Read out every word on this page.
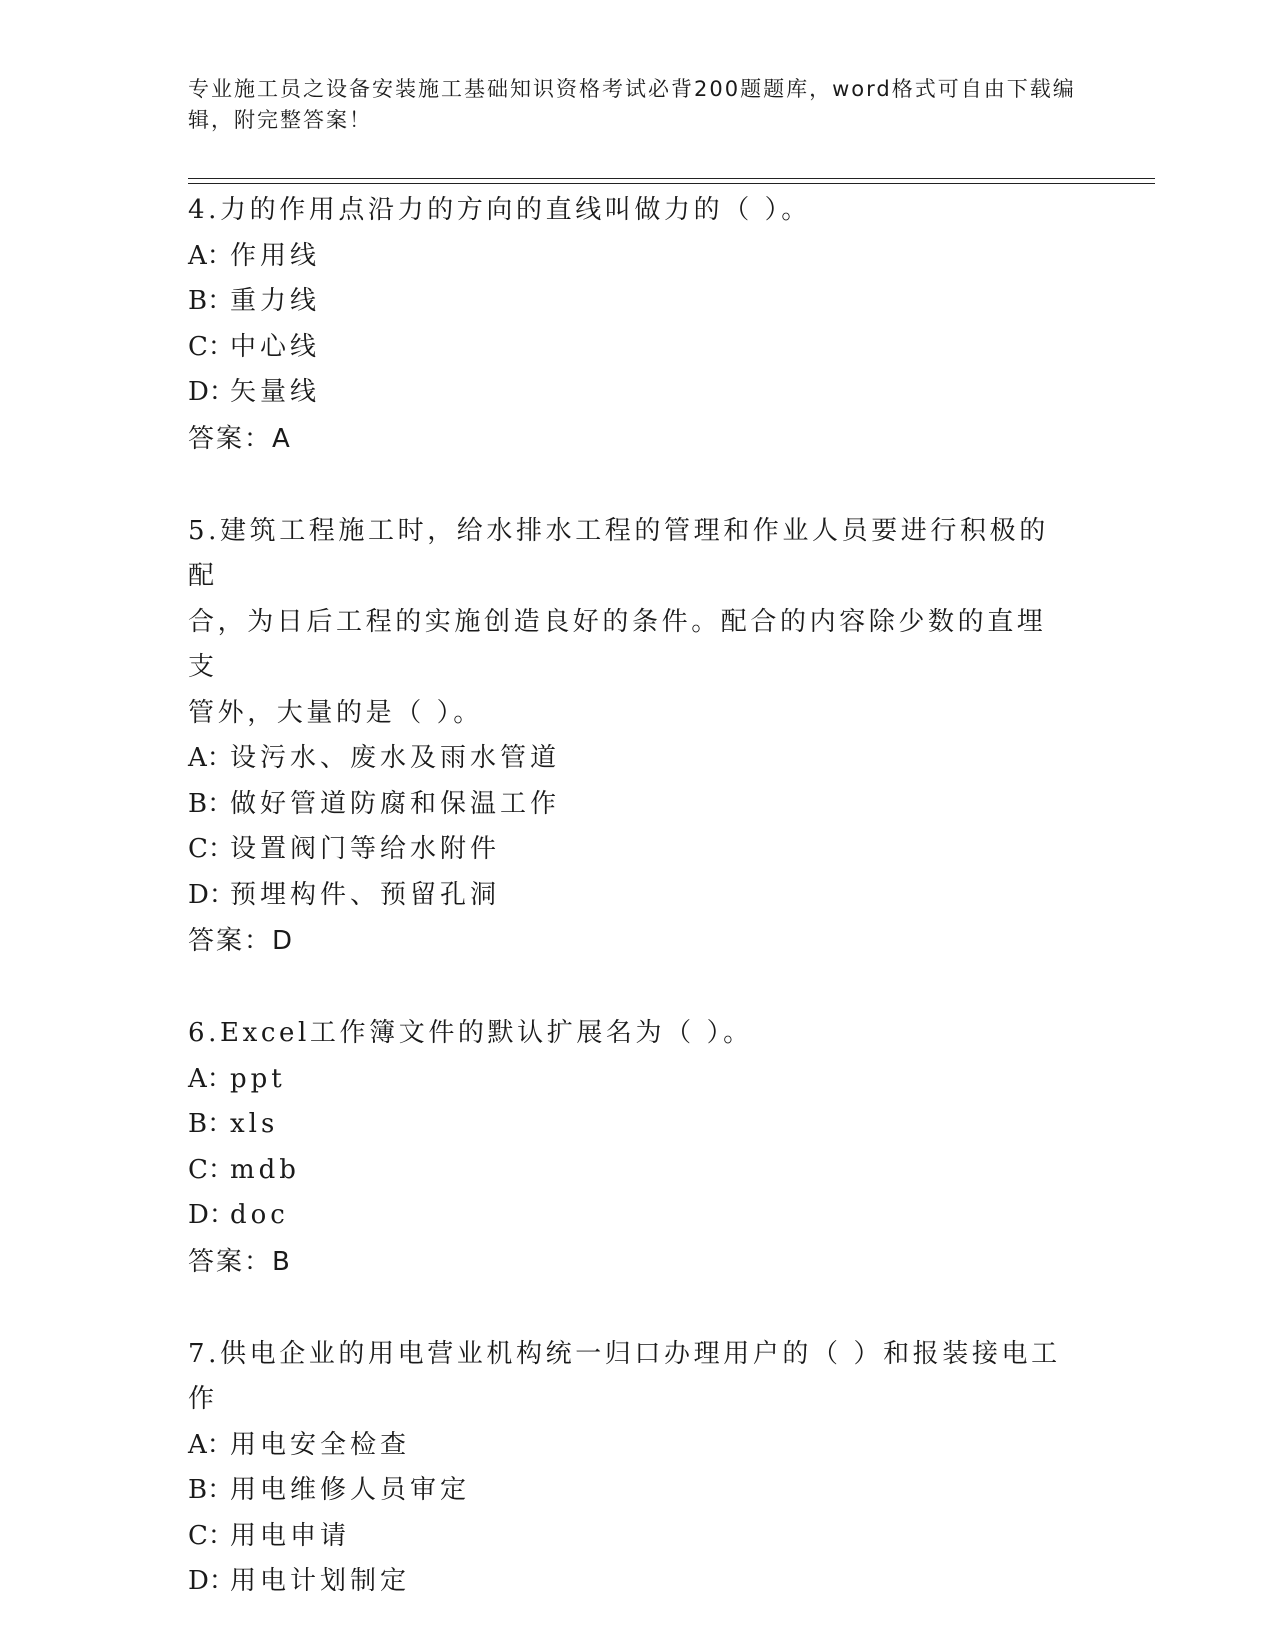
专业施工员之设备安装施工基础知识资格考试必背200题题库，word格式可自由下载编辑，附完整答案！
4.力的作用点沿力的方向的直线叫做力的（ ）。
A：作用线
B：重力线
C：中心线
D：矢量线
答案：A
5.建筑工程施工时，给水排水工程的管理和作业人员要进行积极的配
合，为日后工程的实施创造良好的条件。配合的内容除少数的直埋支
管外，大量的是（ ）。
A：设污水、废水及雨水管道
B：做好管道防腐和保温工作
C：设置阀门等给水附件
D：预埋构件、预留孔洞
答案：D
6.Excel工作簿文件的默认扩展名为（ ）。
A：ppt
B：xls
C：mdb
D：doc
答案：B
7.供电企业的用电营业机构统一归口办理用户的（ ）和报装接电工作
A：用电安全检查
B：用电维修人员审定
C：用电申请
D：用电计划制定
